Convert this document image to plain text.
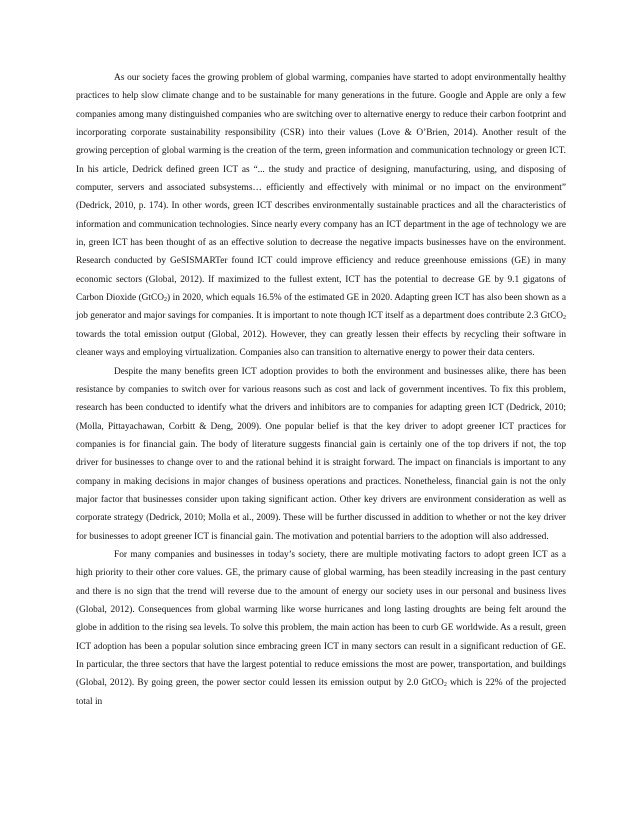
As our society faces the growing problem of global warming, companies have started to adopt environmentally healthy practices to help slow climate change and to be sustainable for many generations in the future. Google and Apple are only a few companies among many distinguished companies who are switching over to alternative energy to reduce their carbon footprint and incorporating corporate sustainability responsibility (CSR) into their values (Love & O’Brien, 2014). Another result of the growing perception of global warming is the creation of the term, green information and communication technology or green ICT. In his article, Dedrick defined green ICT as “... the study and practice of designing, manufacturing, using, and disposing of computer, servers and associated subsystems… efficiently and effectively with minimal or no impact on the environment” (Dedrick, 2010, p. 174). In other words, green ICT describes environmentally sustainable practices and all the characteristics of information and communication technologies. Since nearly every company has an ICT department in the age of technology we are in, green ICT has been thought of as an effective solution to decrease the negative impacts businesses have on the environment. Research conducted by GeSISMARTer found ICT could improve efficiency and reduce greenhouse emissions (GE) in many economic sectors (Global, 2012). If maximized to the fullest extent, ICT has the potential to decrease GE by 9.1 gigatons of Carbon Dioxide (GtCO$_2$) in 2020, which equals 16.5% of the estimated GE in 2020. Adapting green ICT has also been shown as a job generator and major savings for companies. It is important to note though ICT itself as a department does contribute 2.3 GtCO$_2$ towards the total emission output (Global, 2012). However, they can greatly lessen their effects by recycling their software in cleaner ways and employing virtualization. Companies also can transition to alternative energy to power their data centers.

Despite the many benefits green ICT adoption provides to both the environment and businesses alike, there has been resistance by companies to switch over for various reasons such as cost and lack of government incentives. To fix this problem, research has been conducted to identify what the drivers and inhibitors are to companies for adapting green ICT (Dedrick, 2010; (Molla, Pittayachawan, Corbitt & Deng, 2009). One popular belief is that the key driver to adopt greener ICT practices for companies is for financial gain. The body of literature suggests financial gain is certainly one of the top drivers if not, the top driver for businesses to change over to and the rational behind it is straight forward. The impact on financials is important to any company in making decisions in major changes of business operations and practices. Nonetheless, financial gain is not the only major factor that businesses consider upon taking significant action. Other key drivers are environment consideration as well as corporate strategy (Dedrick, 2010; Molla et al., 2009). These will be further discussed in addition to whether or not the key driver for businesses to adopt greener ICT is financial gain. The motivation and potential barriers to the adoption will also addressed.

For many companies and businesses in today’s society, there are multiple motivating factors to adopt green ICT as a high priority to their other core values. GE, the primary cause of global warming, has been steadily increasing in the past century and there is no sign that the trend will reverse due to the amount of energy our society uses in our personal and business lives (Global, 2012). Consequences from global warming like worse hurricanes and long lasting droughts are being felt around the globe in addition to the rising sea levels. To solve this problem, the main action has been to curb GE worldwide. As a result, green ICT adoption has been a popular solution since embracing green ICT in many sectors can result in a significant reduction of GE. In particular, the three sectors that have the largest potential to reduce emissions the most are power, transportation, and buildings (Global, 2012). By going green, the power sector could lessen its emission output by 2.0 GtCO$_2$ which is 22% of the projected total in
